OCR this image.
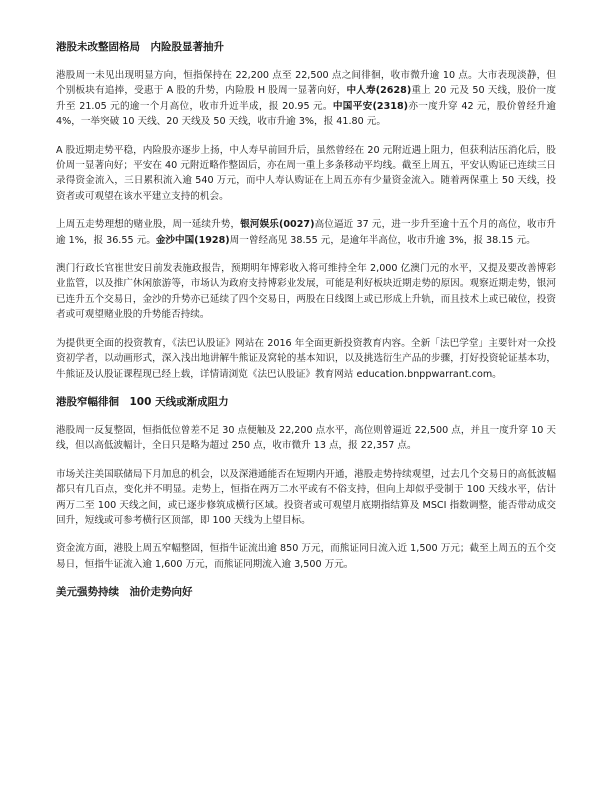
港股未改整固格局　内险股显著抽升

港股周一未见出现明显方向，恒指保持在 22,200 点至 22,500 点之间徘徊，收市微升逾 10 点。大市表现淡静，但个别板块有追捧，受惠于 A 股的升势，内险股 H 股周一显著向好，中人寿(2628)重上 20 元及 50 天线，股价一度升至 21.05 元的逾一个月高位，收市升近半成，报 20.95 元。中国平安(2318)亦一度升穿 42 元，股价曾经升逾 4%，一举突破 10 天线、20 天线及 50 天线，收市升逾 3%，报 41.80 元。

A 股近期走势平稳，内险股亦逐步上扬，中人寿早前回升后，虽然曾经在 20 元附近遇上阻力，但获利沽压消化后，股价周一显著向好；平安在 40 元附近略作整固后，亦在周一重上多条移动平均线。截至上周五，平安认购证已连续三日录得资金流入，三日累积流入逾 540 万元，而中人寿认购证在上周五亦有少量资金流入。随着两保重上 50 天线，投资者或可观望在该水平建立支持的机会。

上周五走势理想的赌业股，周一延续升势，银河娱乐(0027)高位逼近 37 元，进一步升至逾十五个月的高位，收市升逾 1%，报 36.55 元。金沙中国(1928)周一曾经高见 38.55 元，是逾年半高位，收市升逾 3%，报 38.15 元。

澳门行政长官崔世安日前发表施政报告，预期明年博彩收入将可维持全年 2,000 亿澳门元的水平，又提及要改善博彩业监管，以及推广休闲旅游等，市场认为政府支持博彩业发展，可能是利好板块近期走势的原因。观察近期走势，银河已连升五个交易日，金沙的升势亦已延续了四个交易日，两股在日线图上或已形成上升轨，而且技术上或已破位，投资者或可观望赌业股的升势能否持续。

为提供更全面的投资教育，《法巴认股证》网站在 2016 年全面更新投资教育内容。全新「法巴学堂」主要针对一众投资初学者，以动画形式，深入浅出地讲解牛熊证及窝轮的基本知识，以及挑选衍生产品的步骤，打好投资轮证基本功，牛熊证及认股证课程现已经上载，详情请浏览《法巴认股证》教育网站 education.bnppwarrant.com。

港股窄幅徘徊　100 天线或渐成阻力

港股周一反复整固，恒指低位曾差不足 30 点便触及 22,200 点水平，高位则曾逼近 22,500 点，并且一度升穿 10 天线，但以高低波幅计，全日只是略为超过 250 点，收市微升 13 点，报 22,357 点。

市场关注美国联储局下月加息的机会，以及深港通能否在短期内开通，港股走势持续观望，过去几个交易日的高低波幅都只有几百点，变化并不明显。走势上，恒指在两万二水平或有不俗支持，但向上却似乎受制于 100 天线水平，估计两万二至 100 天线之间，或已逐步修筑成横行区域。投资者或可观望月底期指结算及 MSCI 指数调整，能否带动成交回升，短线或可参考横行区顶部，即 100 天线为上望目标。

资金流方面，港股上周五窄幅整固，恒指牛证流出逾 850 万元，而熊证同日流入近 1,500 万元；截至上周五的五个交易日，恒指牛证流入逾 1,600 万元，而熊证同期流入逾 3,500 万元。

美元强势持续　油价走势向好
